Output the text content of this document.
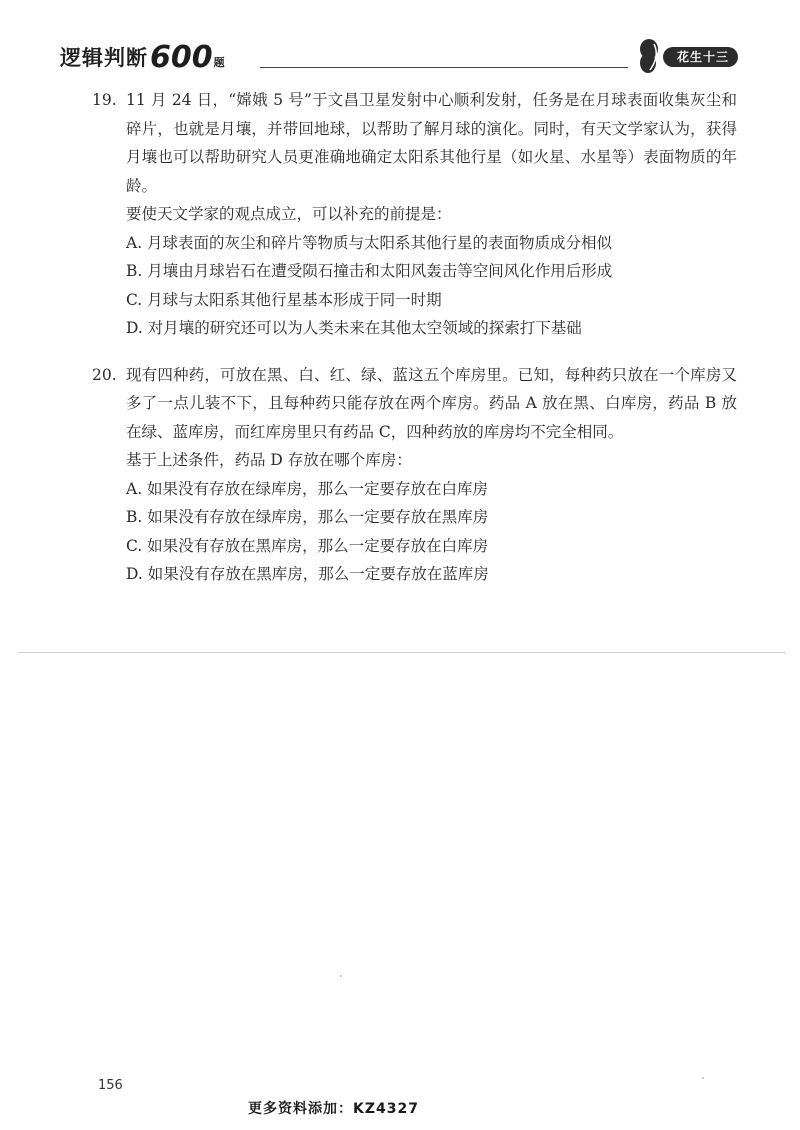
逻辑判断 600 题	花生十三
19. 11 月 24 日，“嫦娥 5 号”于文昌卫星发射中心顺利发射，任务是在月球表面收集灰尘和碎片，也就是月壤，并带回地球，以帮助了解月球的演化。同时，有天文学家认为，获得月壤也可以帮助研究人员更准确地确定太阳系其他行星（如火星、水星等）表面物质的年龄。

要使天文学家的观点成立，可以补充的前提是：

A. 月球表面的灰尘和碎片等物质与太阳系其他行星的表面物质成分相似

B. 月壤由月球岩石在遭受陨石撞击和太阳风轰击等空间风化作用后形成

C. 月球与太阳系其他行星基本形成于同一时期

D. 对月壤的研究还可以为人类未来在其他太空领域的探索打下基础

20. 现有四种药，可放在黑、白、红、绿、蓝这五个库房里。已知，每种药只放在一个库房又多了一点儿装不下，且每种药只能存放在两个库房。药品 A 放在黑、白库房，药品 B 放在绿、蓝库房，而红库房里只有药品 C，四种药放的库房均不完全相同。

基于上述条件，药品 D 存放在哪个库房：

A. 如果没有存放在绿库房，那么一定要存放在白库房

B. 如果没有存放在绿库房，那么一定要存放在黑库房

C. 如果没有存放在黑库房，那么一定要存放在白库房

D. 如果没有存放在黑库房，那么一定要存放在蓝库房

156
更多资料添加：KZ4327
